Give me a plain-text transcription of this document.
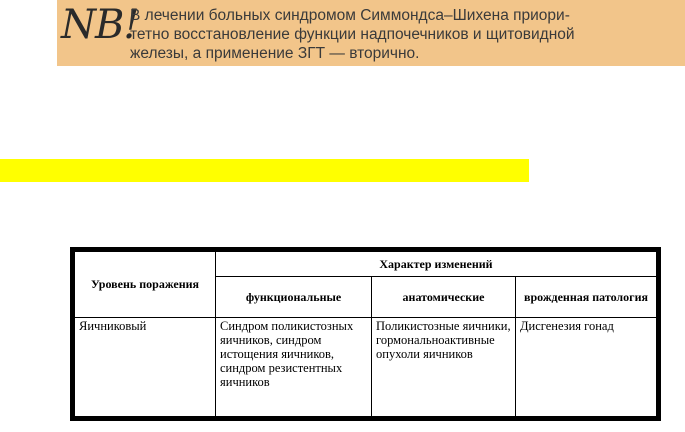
NB!

В лечении больных синдромом Симмондса–Шихена приори-
тетно восстановление функции надпочечников и щитовидной
железы, а применение ЗГТ — вторично.

Уровень поражения	Характер изменений		
	функциональные	анатомические	врожденная патология
Яичниковый	Синдром поликистозных яичников, синдром истощения яичников, синдром резистентных яичников	Поликистозные яичники, гормональноактивные опухоли яичников	Дисгенезия гонад
